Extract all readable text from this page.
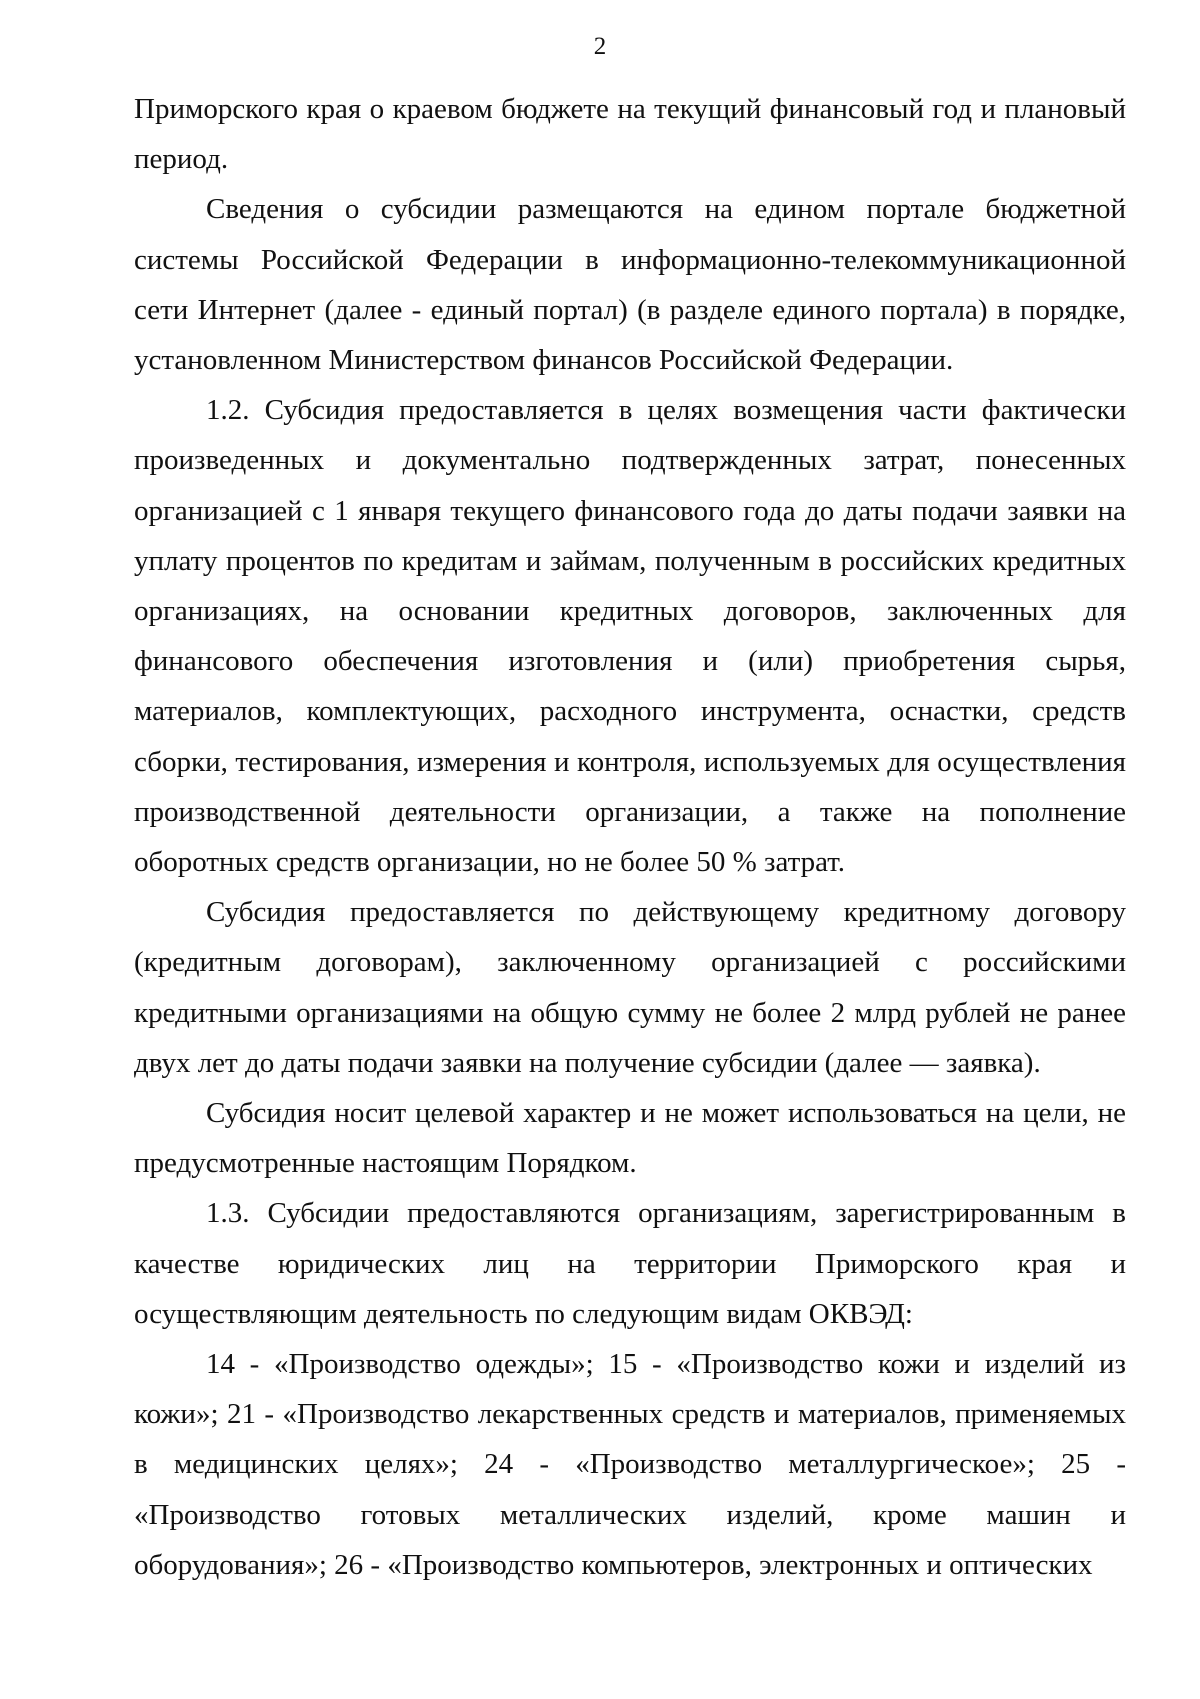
2

Приморского края о краевом бюджете на текущий финансовый год и плановый период.

Сведения о субсидии размещаются на едином портале бюджетной системы Российской Федерации в информационно-телекоммуникационной сети Интернет (далее - единый портал) (в разделе единого портала) в порядке, установленном Министерством финансов Российской Федерации.

1.2. Субсидия предоставляется в целях возмещения части фактически произведенных и документально подтвержденных затрат, понесенных организацией с 1 января текущего финансового года до даты подачи заявки на уплату процентов по кредитам и займам, полученным в российских кредитных организациях, на основании кредитных договоров, заключенных для финансового обеспечения изготовления и (или) приобретения сырья, материалов, комплектующих, расходного инструмента, оснастки, средств сборки, тестирования, измерения и контроля, используемых для осуществления производственной деятельности организации, а также на пополнение оборотных средств организации, но не более 50 % затрат.

Субсидия предоставляется по действующему кредитному договору (кредитным договорам), заключенному организацией с российскими кредитными организациями на общую сумму не более 2 млрд рублей не ранее двух лет до даты подачи заявки на получение субсидии (далее — заявка).

Субсидия носит целевой характер и не может использоваться на цели, не предусмотренные настоящим Порядком.

1.3. Субсидии предоставляются организациям, зарегистрированным в качестве юридических лиц на территории Приморского края и осуществляющим деятельность по следующим видам ОКВЭД:

14 - «Производство одежды»; 15 - «Производство кожи и изделий из кожи»; 21 - «Производство лекарственных средств и материалов, применяемых в медицинских целях»; 24 - «Производство металлургическое»; 25 - «Производство готовых металлических изделий, кроме машин и оборудования»; 26 - «Производство компьютеров, электронных и оптических
